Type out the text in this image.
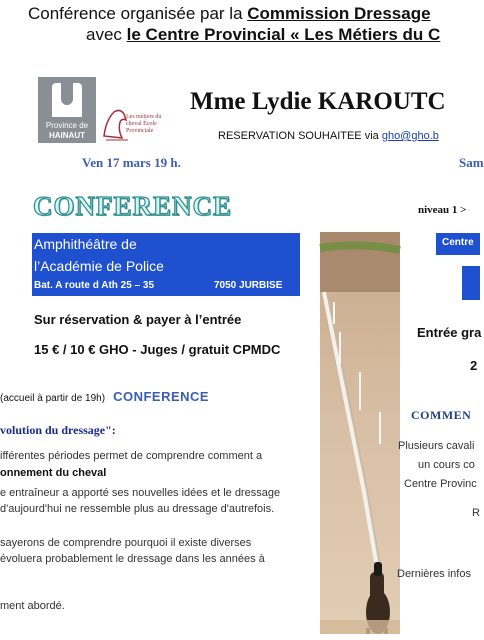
Conférence organisée par la Commission Dressage
avec le Centre Provincial « Les Métiers du C
Province de
HAINAUT
Les métiers du cheval École Provinciale
Mme Lydie KAROUTC
RESERVATION SOUHAITEE via gho@gho.b
Ven 17 mars 19 h.	Sam
CONFERENCE	niveau 1 >
Amphithéâtre de
l’Académie de Police
Bat. A route d Ath 25 – 35	7050 JURBISE
Centre
Sur réservation & payer à l’entrée
15 € / 10 € GHO - Juges / gratuit CPMDC
Entrée gra
2
(accueil à partir de 19h) CONFERENCE
COMMEN
volution du dressage":
ifférentes périodes permet de comprendre comment a
onnement du cheval
e entraîneur a apporté ses nouvelles idées et le dressage
d'aujourd'hui ne ressemble plus au dressage d'autrefois.
sayerons de comprendre pourquoi il existe diverses
évoluera probablement le dressage dans les années à
ment abordé.
Plusieurs cavali
un cours co
Centre Provinc
R
Dernières infos
